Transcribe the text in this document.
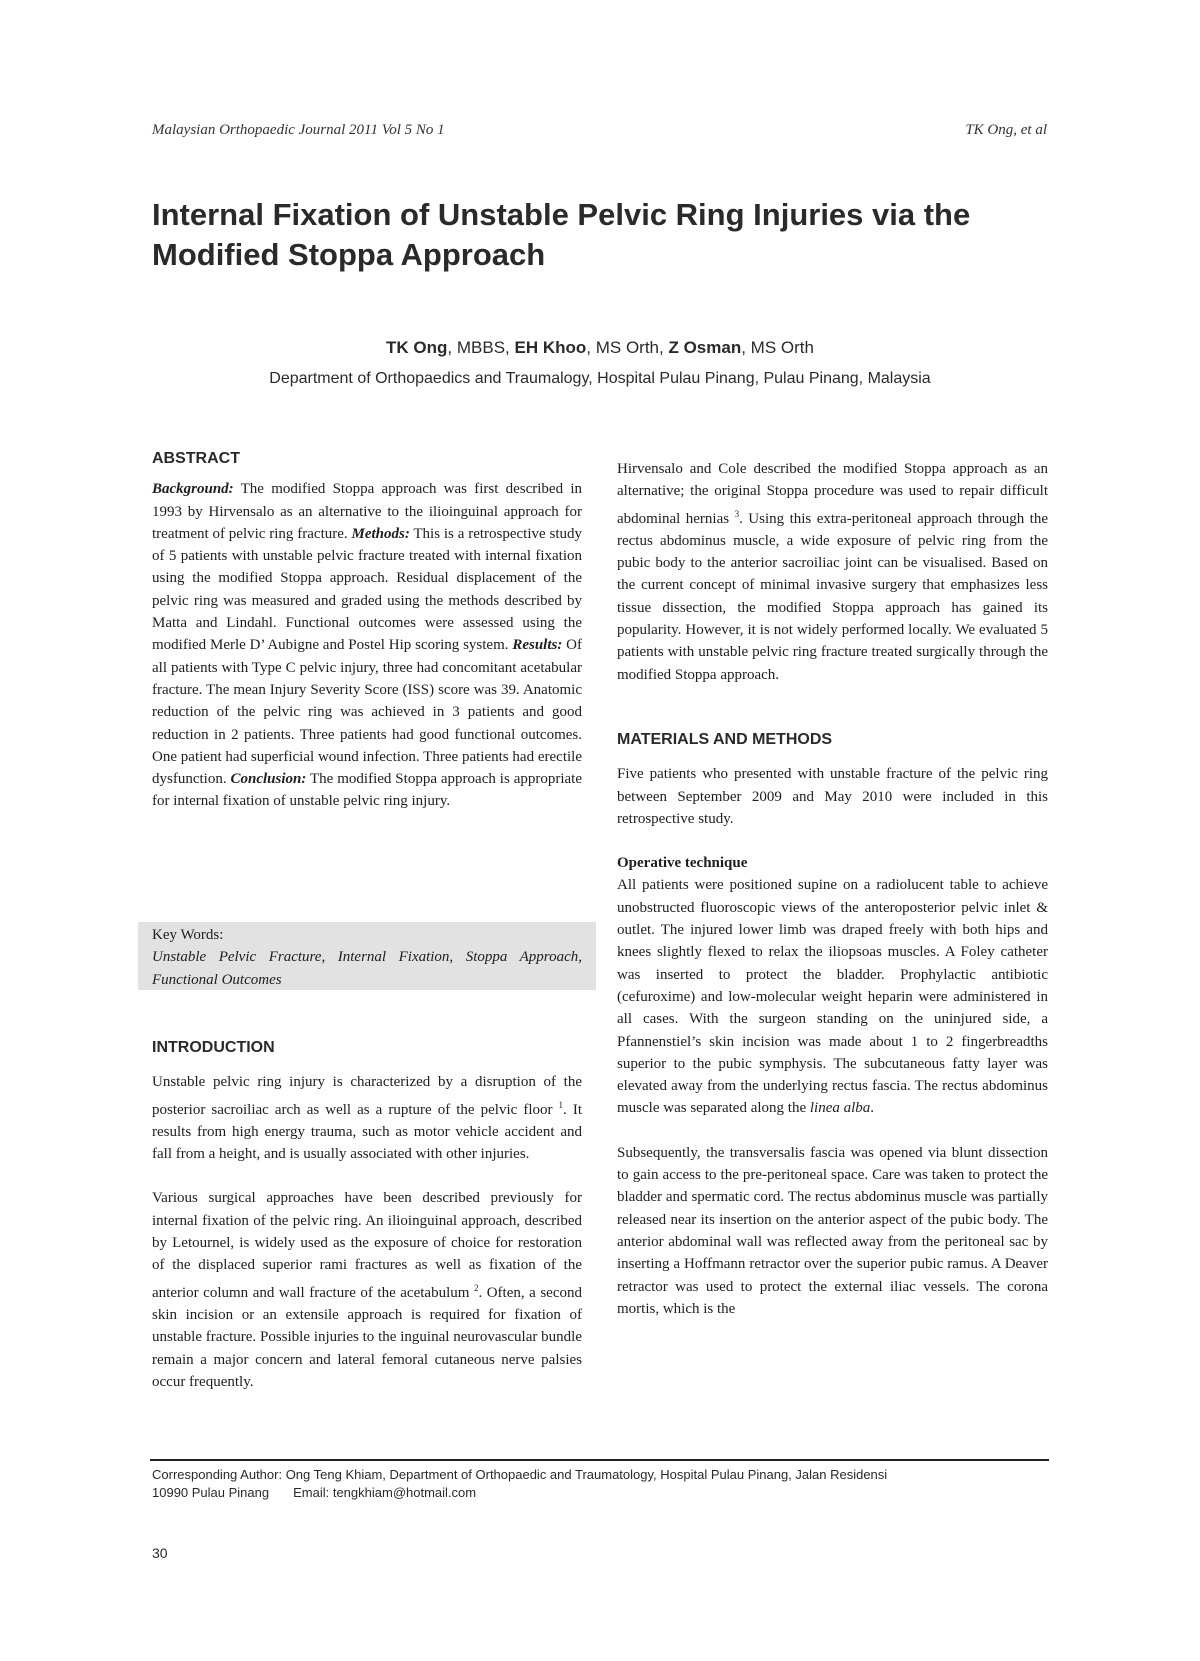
Malaysian Orthopaedic Journal 2011 Vol 5 No 1	TK Ong, et al
Internal Fixation of Unstable Pelvic Ring Injuries via the Modified Stoppa Approach
TK Ong, MBBS, EH Khoo, MS Orth, Z Osman, MS Orth
Department of Orthopaedics and Traumalogy, Hospital Pulau Pinang, Pulau Pinang, Malaysia
ABSTRACT

Background: The modified Stoppa approach was first described in 1993 by Hirvensalo as an alternative to the ilioinguinal approach for treatment of pelvic ring fracture. Methods: This is a retrospective study of 5 patients with unstable pelvic fracture treated with internal fixation using the modified Stoppa approach. Residual displacement of the pelvic ring was measured and graded using the methods described by Matta and Lindahl. Functional outcomes were assessed using the modified Merle D’ Aubigne and Postel Hip scoring system. Results: Of all patients with Type C pelvic injury, three had concomitant acetabular fracture. The mean Injury Severity Score (ISS) score was 39. Anatomic reduction of the pelvic ring was achieved in 3 patients and good reduction in 2 patients. Three patients had good functional outcomes. One patient had superficial wound infection. Three patients had erectile dysfunction. Conclusion: The modified Stoppa approach is appropriate for internal fixation of unstable pelvic ring injury.

Key Words:
Unstable Pelvic Fracture, Internal Fixation, Stoppa Approach, Functional Outcomes
INTRODUCTION

Unstable pelvic ring injury is characterized by a disruption of the posterior sacroiliac arch as well as a rupture of the pelvic floor $^1$. It results from high energy trauma, such as motor vehicle accident and fall from a height, and is usually associated with other injuries.

Various surgical approaches have been described previously for internal fixation of the pelvic ring. An ilioinguinal approach, described by Letournel, is widely used as the exposure of choice for restoration of the displaced superior rami fractures as well as fixation of the anterior column and wall fracture of the acetabulum $^2$. Often, a second skin incision or an extensile approach is required for fixation of unstable fracture. Possible injuries to the inguinal neurovascular bundle remain a major concern and lateral femoral cutaneous nerve palsies occur frequently.

Hirvensalo and Cole described the modified Stoppa approach as an alternative; the original Stoppa procedure was used to repair difficult abdominal hernias $^3$. Using this extra-peritoneal approach through the rectus abdominus muscle, a wide exposure of pelvic ring from the pubic body to the anterior sacroiliac joint can be visualised. Based on the current concept of minimal invasive surgery that emphasizes less tissue dissection, the modified Stoppa approach has gained its popularity. However, it is not widely performed locally. We evaluated 5 patients with unstable pelvic ring fracture treated surgically through the modified Stoppa approach.

MATERIALS AND METHODS

Five patients who presented with unstable fracture of the pelvic ring between September 2009 and May 2010 were included in this retrospective study.

Operative technique

All patients were positioned supine on a radiolucent table to achieve unobstructed fluoroscopic views of the anteroposterior pelvic inlet & outlet. The injured lower limb was draped freely with both hips and knees slightly flexed to relax the iliopsoas muscles. A Foley catheter was inserted to protect the bladder. Prophylactic antibiotic (cefuroxime) and low-molecular weight heparin were administered in all cases. With the surgeon standing on the uninjured side, a Pfannenstiel’s skin incision was made about 1 to 2 fingerbreadths superior to the pubic symphysis. The subcutaneous fatty layer was elevated away from the underlying rectus fascia. The rectus abdominus muscle was separated along the linea alba.

Subsequently, the transversalis fascia was opened via blunt dissection to gain access to the pre-peritoneal space. Care was taken to protect the bladder and spermatic cord. The rectus abdominus muscle was partially released near its insertion on the anterior aspect of the pubic body. The anterior abdominal wall was reflected away from the peritoneal sac by inserting a Hoffmann retractor over the superior pubic ramus. A Deaver retractor was used to protect the external iliac vessels. The corona mortis, which is the

Corresponding Author: Ong Teng Khiam, Department of Orthopaedic and Traumatology, Hospital Pulau Pinang, Jalan Residensi
10990 Pulau Pinang Email: tengkhiam@hotmail.com
30
